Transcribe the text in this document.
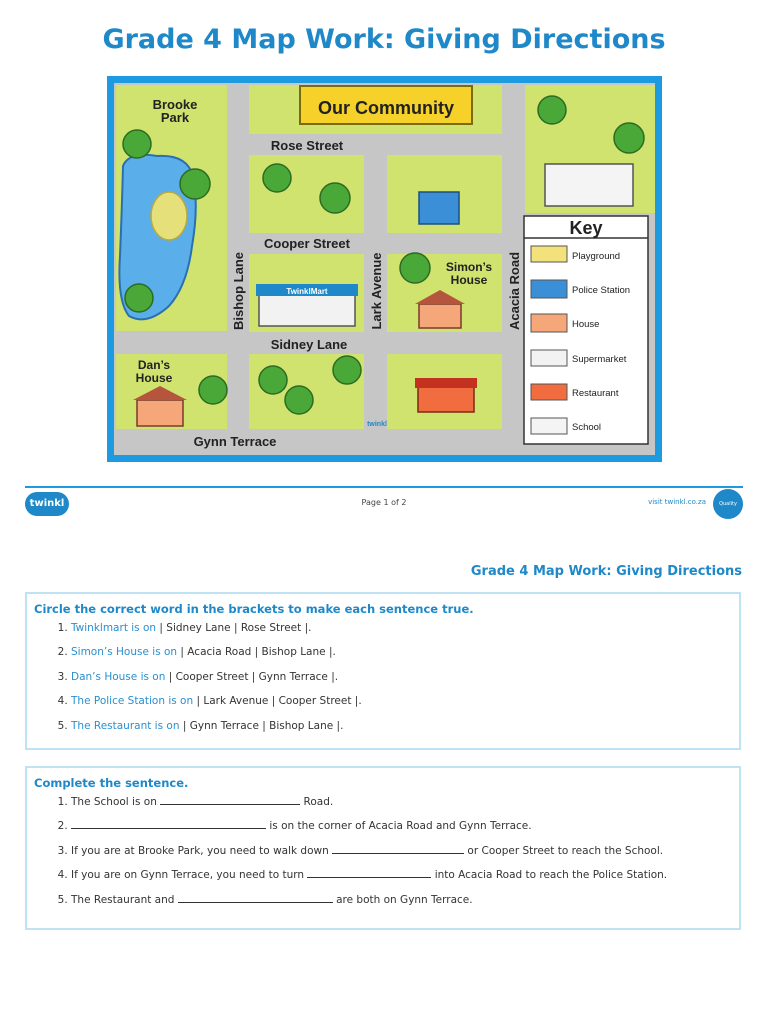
Grade 4 Map Work: Giving Directions
Brooke
Park	Our Community
Rose Street
Cooper Street
Sidney Lane
Gynn Terrace
Bishop Lane	Lark Avenue	Acacia Road
Simon’s
House
Dan’s
House
TwinklMart
twinkl
Key
Playground
Police Station
House
Supermarket
Restaurant
School
twinkl	Page 1 of 2	visit twinkl.co.za	Quality
Grade 4 Map Work: Giving Directions
Circle the correct word in the brackets to make each sentence true.
1. Twinklmart is on | Sidney Lane | Rose Street |.
2. Simon’s House is on | Acacia Road | Bishop Lane |.
3. Dan’s House is on | Cooper Street | Gynn Terrace |.
4. The Police Station is on | Lark Avenue | Cooper Street |.
5. The Restaurant is on | Gynn Terrace | Bishop Lane |.
Complete the sentence.
1. The School is on	Road.
2. is on the corner of Acacia Road and Gynn Terrace.
3. If you are at Brooke Park, you need to walk down	or Cooper Street to reach the School.
4. If you are on Gynn Terrace, you need to turn	into Acacia Road to reach the Police Station.
5. The Restaurant and	are both on Gynn Terrace.
